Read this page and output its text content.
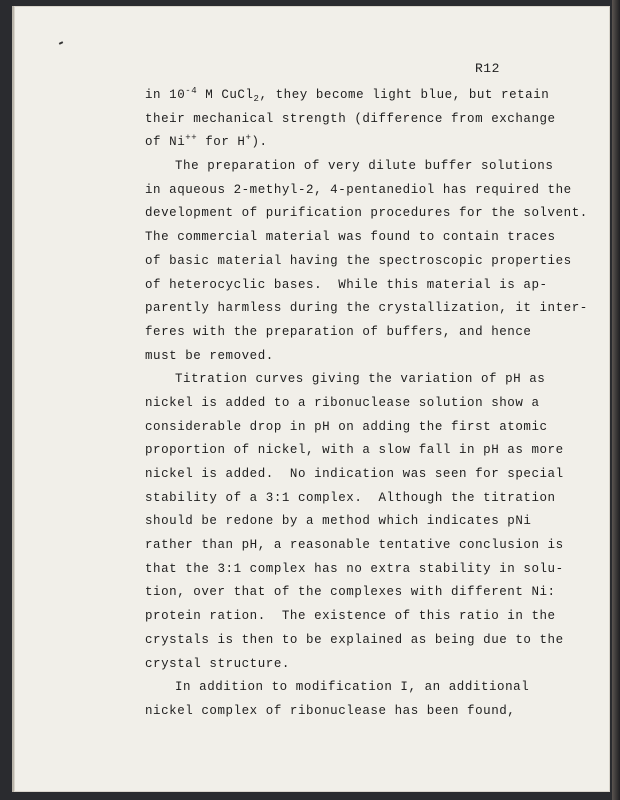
R12

in $10^{-4}$ M CuCl$_2$, they become light blue, but retain

their mechanical strength (difference from exchange

of Ni++ for H+).

The preparation of very dilute buffer solutions

in aqueous 2-methyl-2, 4-pentanediol has required the

development of purification procedures for the solvent.

The commercial material was found to contain traces

of basic material having the spectroscopic properties

of heterocyclic bases.  While this material is ap-

parently harmless during the crystallization, it inter-

feres with the preparation of buffers, and hence

must be removed.

Titration curves giving the variation of pH as

nickel is added to a ribonuclease solution show a

considerable drop in pH on adding the first atomic

proportion of nickel, with a slow fall in pH as more

nickel is added.  No indication was seen for special

stability of a 3:1 complex.  Although the titration

should be redone by a method which indicates pNi

rather than pH, a reasonable tentative conclusion is

that the 3:1 complex has no extra stability in solu-

tion, over that of the complexes with different Ni:

protein ration.  The existence of this ratio in the

crystals is then to be explained as being due to the

crystal structure.

In addition to modification I, an additional

nickel complex of ribonuclease has been found,
